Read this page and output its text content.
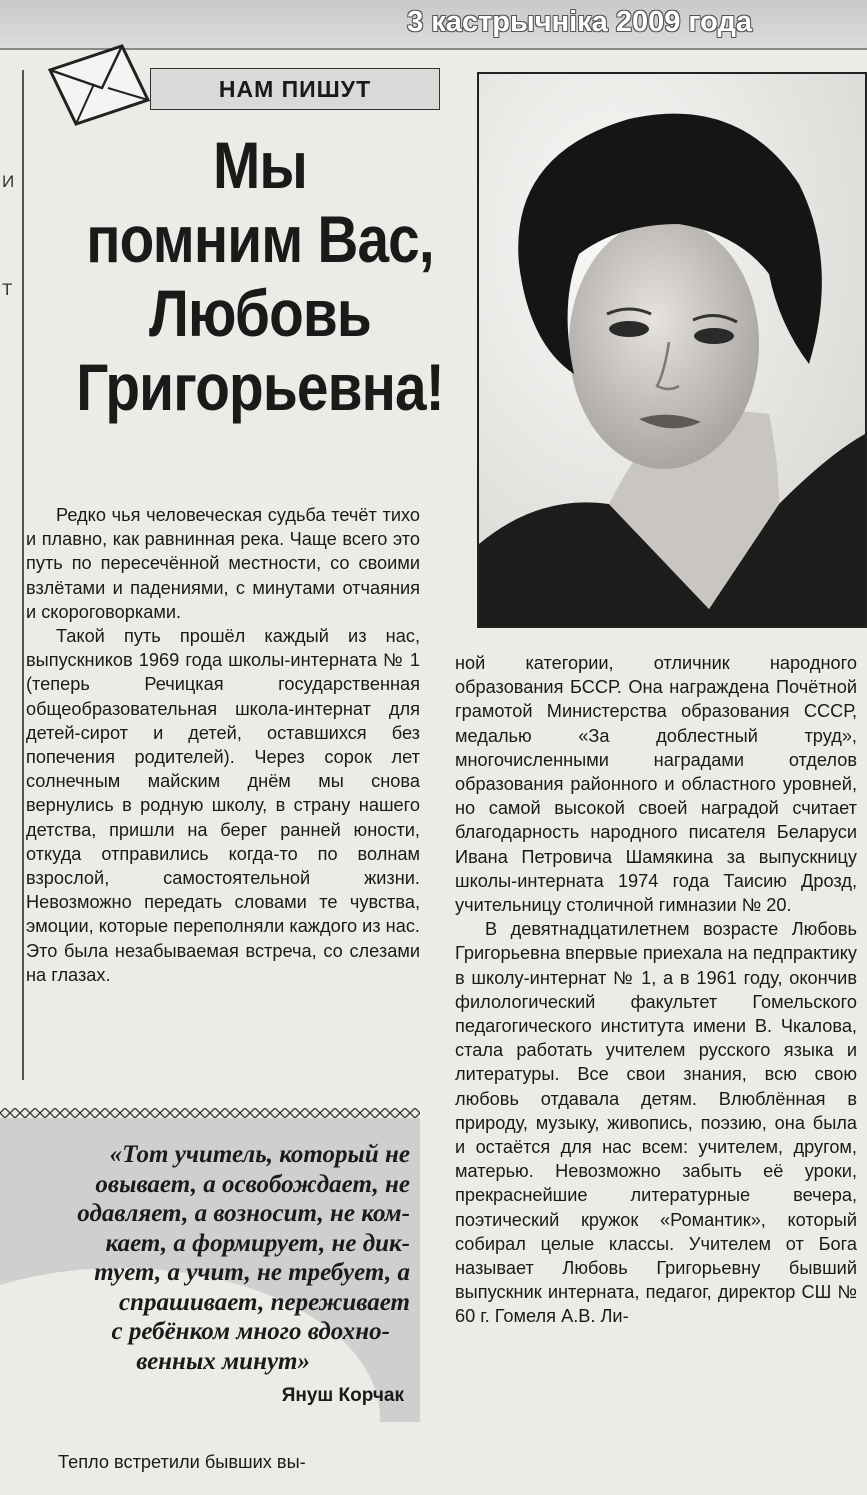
3 кастрычніка 2009 года
И
Т
НАМ ПИШУТ
Мы
помним Вас,
Любовь
Григорьевна!

Редко чья человеческая судьба течёт тихо и плавно, как равнинная река. Чаще всего это путь по пересечённой местности, со своими взлётами и падениями, с минутами отчаяния и скороговорками.

Такой путь прошёл каждый из нас, выпускников 1969 года школы-интерната № 1 (теперь Речицкая государственная общеобразовательная школа-интернат для детей-сирот и детей, оставшихся без попечения родителей). Через сорок лет солнечным майским днём мы снова вернулись в родную школу, в страну нашего детства, пришли на берег ранней юности, откуда отправились когда-то по волнам взрослой, самостоятельной жизни. Невозможно передать словами те чувства, эмоции, которые переполняли каждого из нас. Это была незабываемая встреча, со слезами на глазах.

ной категории, отличник народного образования БССР. Она награждена Почётной грамотой Министерства образования СССР, медалью «За доблестный труд», многочисленными наградами отделов образования районного и областного уровней, но самой высокой своей наградой считает благодарность народного писателя Беларуси Ивана Петровича Шамякина за выпускницу школы-интерната 1974 года Таисию Дрозд, учительницу столичной гимназии № 20.

В девятнадцатилетнем возрасте Любовь Григорьевна впервые приехала на педпрактику в школу-интернат № 1, а в 1961 году, окончив филологический факультет Гомельского педагогического института имени В. Чкалова, стала работать учителем русского языка и литературы. Все свои знания, всю свою любовь отдавала детям. Влюблённая в природу, музыку, живопись, поэзию, она была и остаётся для нас всем: учителем, другом, матерью. Невозможно забыть её уроки, прекраснейшие литературные вечера, поэтический кружок «Романтик», который собирал целые классы. Учителем от Бога называет Любовь Григорьевну бывший выпускник интерната, педагог, директор СШ № 60 г. Гомеля А.В. Ли-

«Тот учитель, который не
овывает, а освобождает, не
одавляет, а возносит, не ком-
кает, а формирует, не дик-
тует, а учит, не требует, а
спрашивает, переживает
с ребёнком много вдохно-
венных минут»
Януш Корчак
Тепло встретили бывших вы-
